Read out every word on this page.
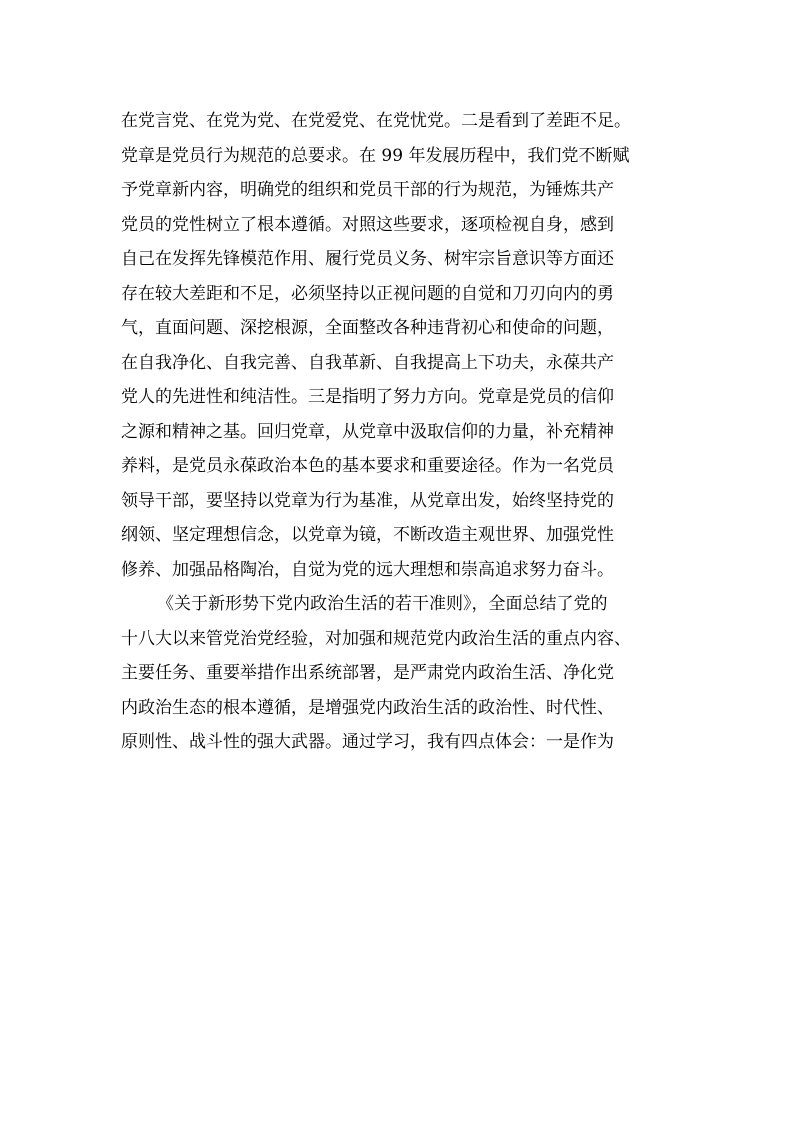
在党言党、在党为党、在党爱党、在党忧党。二是看到了差距不足。
党章是党员行为规范的总要求。在 99 年发展历程中，我们党不断赋
予党章新内容，明确党的组织和党员干部的行为规范，为锤炼共产
党员的党性树立了根本遵循。对照这些要求，逐项检视自身，感到
自己在发挥先锋模范作用、履行党员义务、树牢宗旨意识等方面还
存在较大差距和不足，必须坚持以正视问题的自觉和刀刃向内的勇
气，直面问题、深挖根源，全面整改各种违背初心和使命的问题，
在自我净化、自我完善、自我革新、自我提高上下功夫，永葆共产
党人的先进性和纯洁性。三是指明了努力方向。党章是党员的信仰
之源和精神之基。回归党章，从党章中汲取信仰的力量，补充精神
养料，是党员永葆政治本色的基本要求和重要途径。作为一名党员
领导干部，要坚持以党章为行为基准，从党章出发，始终坚持党的
纲领、坚定理想信念，以党章为镜，不断改造主观世界、加强党性
修养、加强品格陶冶，自觉为党的远大理想和崇高追求努力奋斗。
《关于新形势下党内政治生活的若干准则》，全面总结了党的
十八大以来管党治党经验，对加强和规范党内政治生活的重点内容、
主要任务、重要举措作出系统部署，是严肃党内政治生活、净化党
内政治生态的根本遵循，是增强党内政治生活的政治性、时代性、
原则性、战斗性的强大武器。通过学习，我有四点体会：一是作为
